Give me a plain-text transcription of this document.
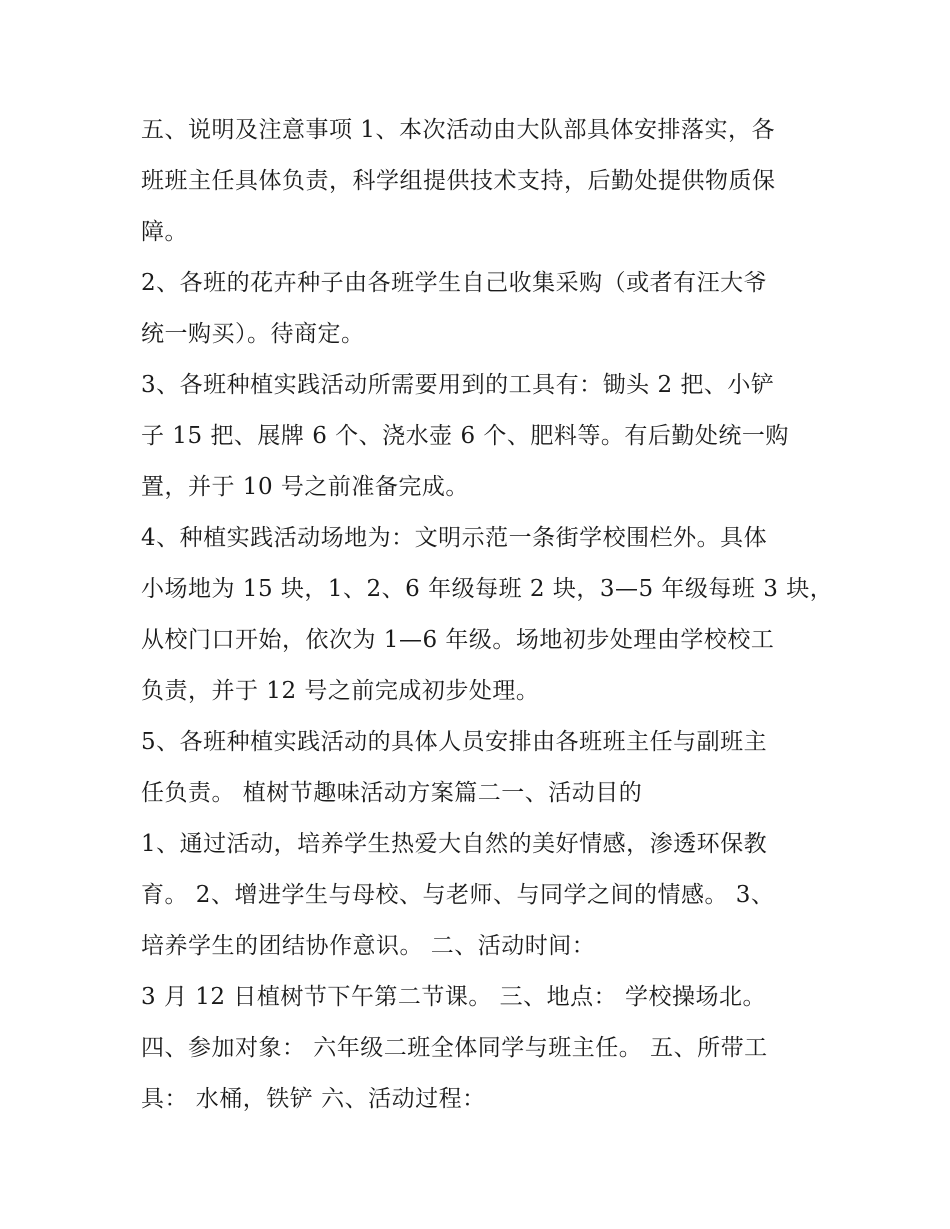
五、说明及注意事项 1、本次活动由大队部具体安排落实，各
班班主任具体负责，科学组提供技术支持，后勤处提供物质保
障。
2、各班的花卉种子由各班学生自己收集采购（或者有汪大爷
统一购买）。待商定。
3、各班种植实践活动所需要用到的工具有：锄头 2 把、小铲
子 15 把、展牌 6 个、浇水壶 6 个、肥料等。有后勤处统一购
置，并于 10 号之前准备完成。
4、种植实践活动场地为：文明示范一条街学校围栏外。具体
小场地为 15 块，1、2、6 年级每班 2 块，3—5 年级每班 3 块，
从校门口开始，依次为 1—6 年级。场地初步处理由学校校工
负责，并于 12 号之前完成初步处理。
5、各班种植实践活动的具体人员安排由各班班主任与副班主
任负责。 植树节趣味活动方案篇二一、活动目的
1、通过活动，培养学生热爱大自然的美好情感，渗透环保教
育。 2、增进学生与母校、与老师、与同学之间的情感。 3、
培养学生的团结协作意识。 二、活动时间：
3 月 12 日植树节下午第二节课。 三、地点： 学校操场北。
四、参加对象： 六年级二班全体同学与班主任。 五、所带工
具： 水桶，铁铲 六、活动过程：
